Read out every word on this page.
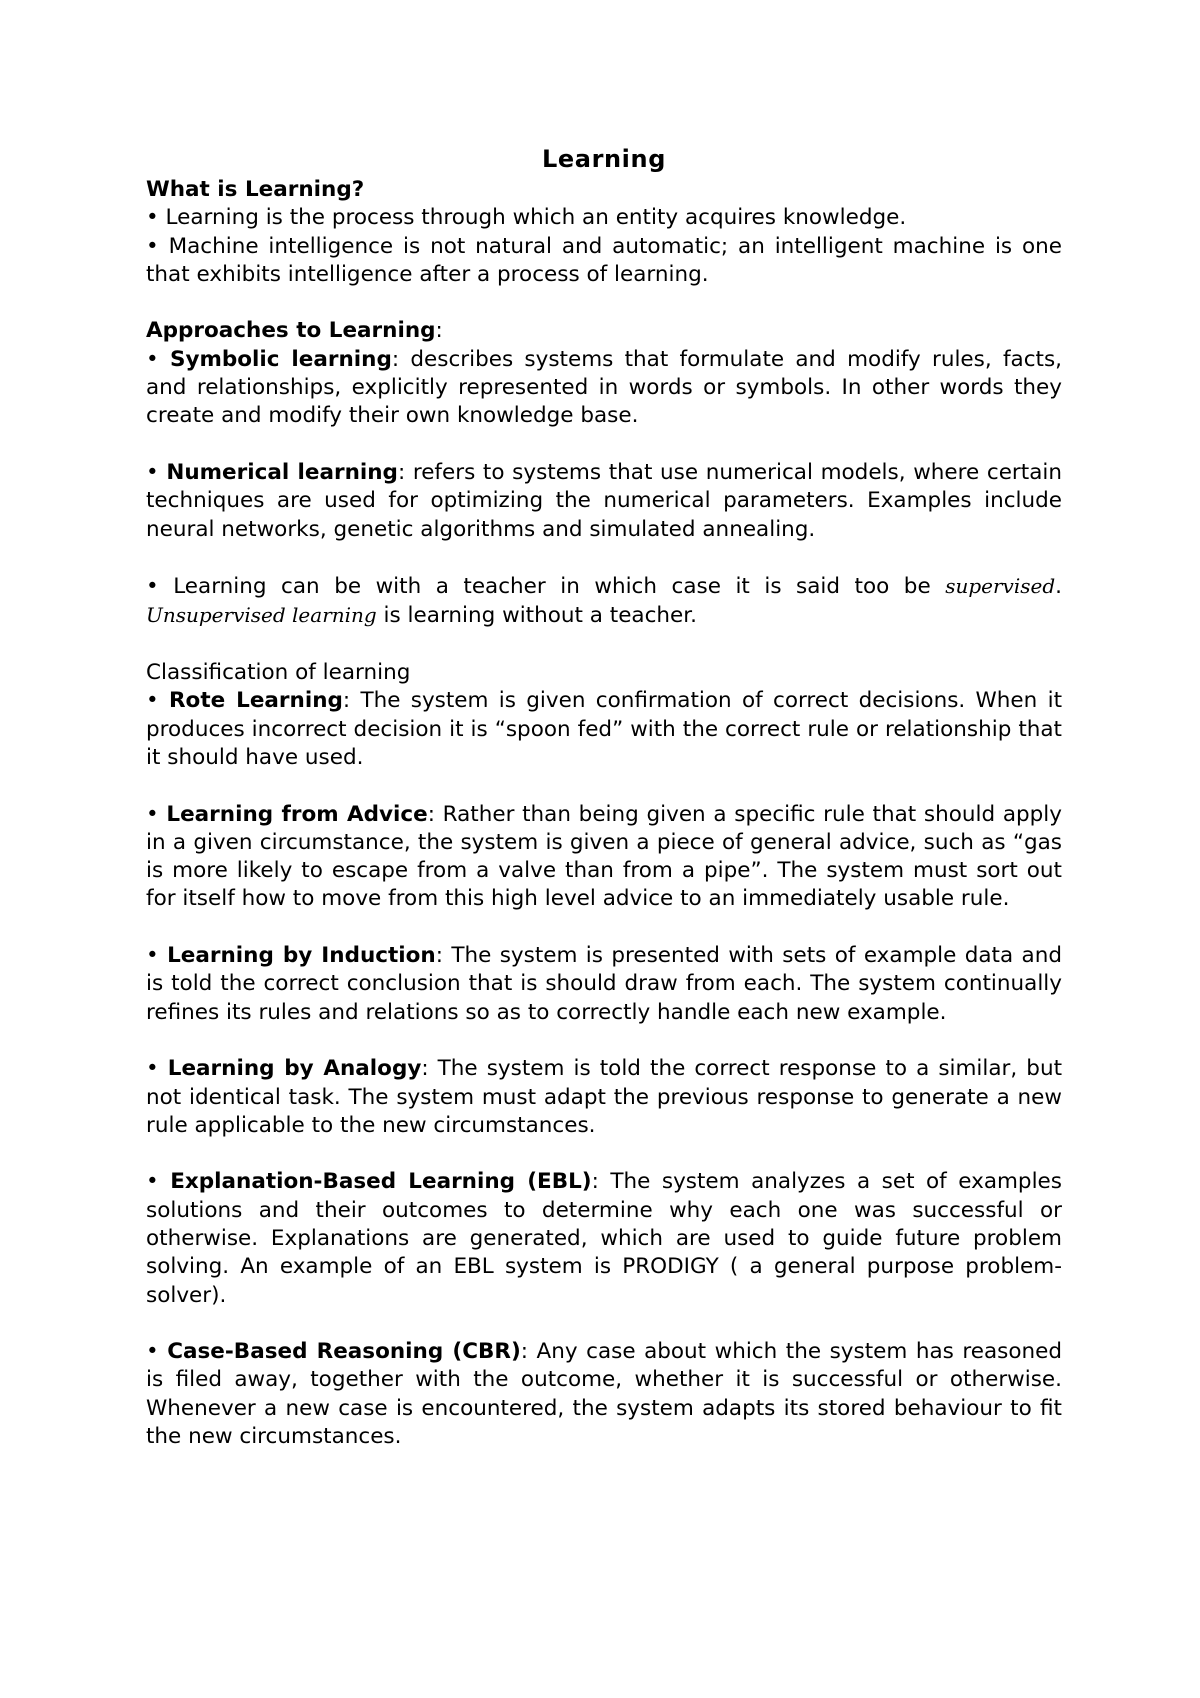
Learning
What is Learning?

• Learning is the process through which an entity acquires knowledge.

• Machine intelligence is not natural and automatic; an intelligent machine is one that exhibits intelligence after a process of learning.

Approaches to Learning:

• Symbolic learning: describes systems that formulate and modify rules, facts, and relationships, explicitly represented in words or symbols. In other words they create and modify their own knowledge base.

• Numerical learning: refers to systems that use numerical models, where certain techniques are used for optimizing the numerical parameters. Examples include neural networks, genetic algorithms and simulated annealing.

• Learning can be with a teacher in which case it is said too be supervised. Unsupervised learning is learning without a teacher.

Classification of learning

• Rote Learning: The system is given confirmation of correct decisions. When it produces incorrect decision it is “spoon fed” with the correct rule or relationship that it should have used.

• Learning from Advice: Rather than being given a specific rule that should apply in a given circumstance, the system is given a piece of general advice, such as “gas is more likely to escape from a valve than from a pipe”. The system must sort out for itself how to move from this high level advice to an immediately usable rule.

• Learning by Induction: The system is presented with sets of example data and is told the correct conclusion that is should draw from each. The system continually refines its rules and relations so as to correctly handle each new example.

• Learning by Analogy: The system is told the correct response to a similar, but not identical task. The system must adapt the previous response to generate a new rule applicable to the new circumstances.

• Explanation-Based Learning (EBL): The system analyzes a set of examples solutions and their outcomes to determine why each one was successful or otherwise. Explanations are generated, which are used to guide future problem solving. An example of an EBL system is PRODIGY ( a general purpose problem-solver).

• Case-Based Reasoning (CBR): Any case about which the system has reasoned is filed away, together with the outcome, whether it is successful or otherwise. Whenever a new case is encountered, the system adapts its stored behaviour to fit the new circumstances.
